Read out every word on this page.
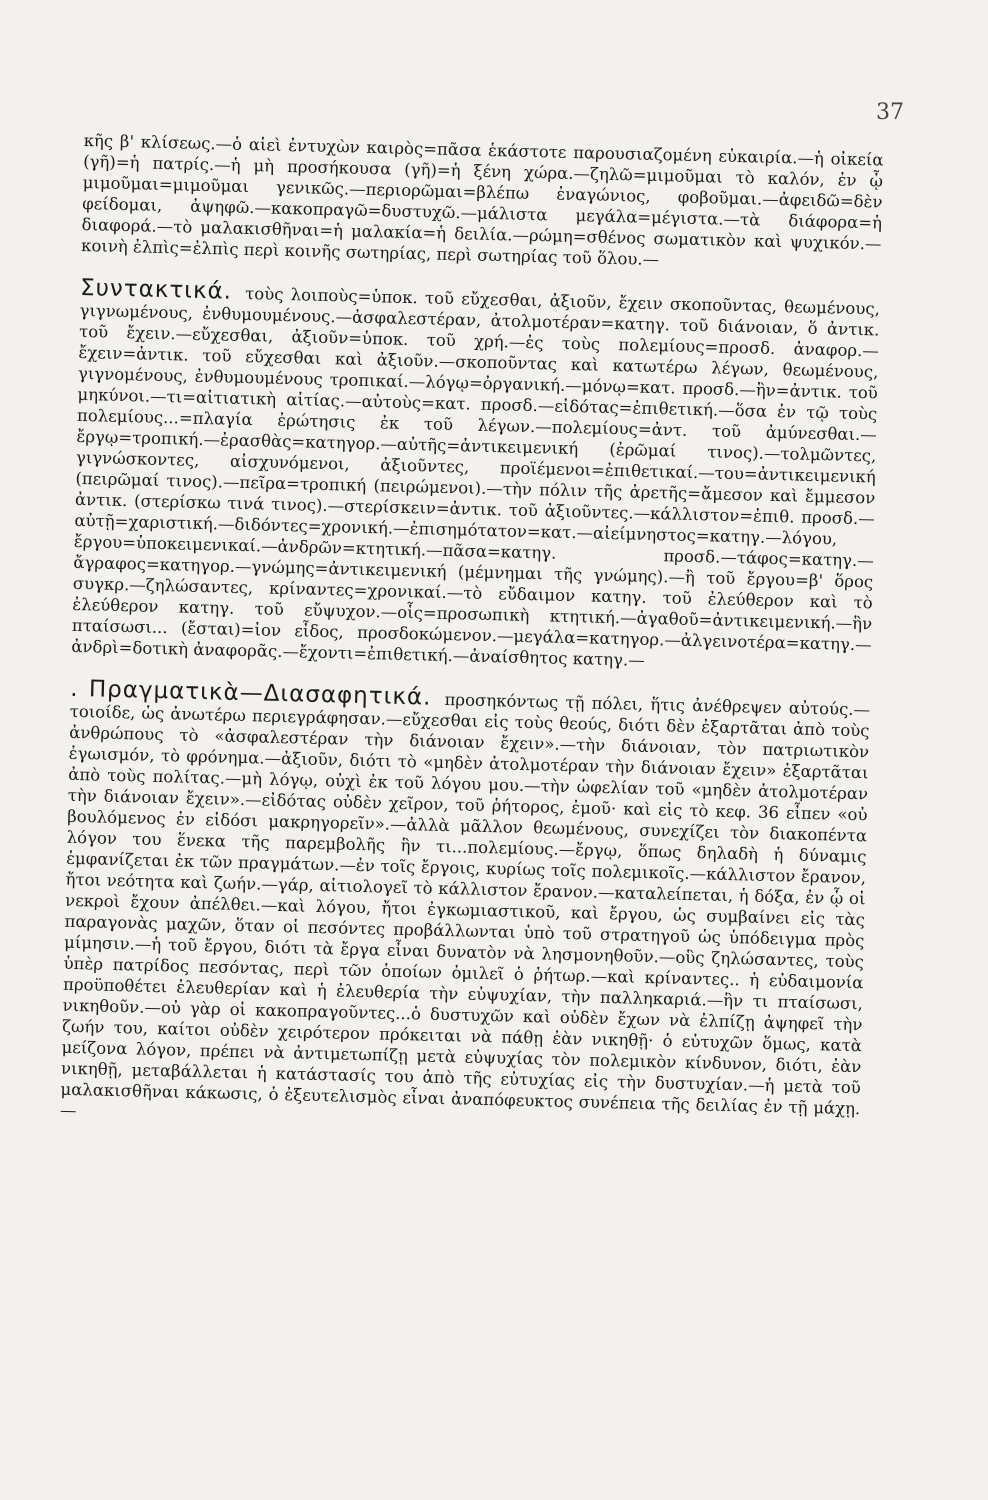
37

κῆς β' κλίσεως.—ὁ αἰεὶ ἐντυχὼν καιρὸς=πᾶσα ἑκάστοτε παρουσιαζομένη εὐκαιρία.—ἡ οἰκεία (γῆ)=ἡ πατρίς.—ἡ μὴ προσήκουσα (γῆ)=ἡ ξένη χώρα.—ζηλῶ=μιμοῦμαι τὸ καλόν, ἐν ᾧ μιμοῦμαι=μιμοῦμαι γενικῶς.—περιορῶμαι=βλέπω ἐναγώνιος, φοβοῦμαι.—ἀφειδῶ=δὲν φείδομαι, ἀψηφῶ.—κακοπραγῶ=δυστυχῶ.—μάλιστα μεγάλα=μέγιστα.—τὰ διάφορα=ἡ διαφορά.—τὸ μαλακισθῆναι=ἡ μαλακία=ἡ δειλία.—ρώμη=σθένος σωματικὸν καὶ ψυχικόν.—κοινὴ ἐλπὶς=ἐλπὶς περὶ κοινῆς σωτηρίας, περὶ σωτηρίας τοῦ ὅλου.—

Συντακτικά. τοὺς λοιποὺς=ὑποκ. τοῦ εὔχεσθαι, ἀξιοῦν, ἔχειν σκοποῦντας, θεωμένους, γιγνωμένους, ἐνθυμουμένους.—ἀσφαλεστέραν, ἀτολμοτέραν=κατηγ. τοῦ διάνοιαν, ὅ ἀντικ. τοῦ ἔχειν.—εὔχεσθαι, ἀξιοῦν=ὑποκ. τοῦ χρή.—ἐς τοὺς πολεμίους=προσδ. ἀναφορ.—ἔχειν=ἀντικ. τοῦ εὔχεσθαι καὶ ἀξιοῦν.—σκοποῦντας καὶ κατωτέρω λέγων, θεωμένους, γιγνομένους, ἐνθυμουμένους τροπικαί.—λόγῳ=ὀργανική.—μόνῳ=κατ. προσδ.—ἣν=ἀντικ. τοῦ μηκύνοι.—τι=αἰτιατικὴ αἰτίας.—αὐτοὺς=κατ. προσδ.—εἰδότας=ἐπιθετική.—ὅσα ἐν τῷ τοὺς πολεμίους...=πλαγία ἐρώτησις ἐκ τοῦ λέγων.—πολεμίους=ἀντ. τοῦ ἀμύνεσθαι.—ἔργῳ=τροπική.—ἐρασθὰς=κατηγορ.—αὐτῆς=ἀντικειμενική (ἐρῶμαί τινος).—τολμῶντες, γιγνώσκοντες, αἰσχυνόμενοι, ἀξιοῦντες, προϊέμενοι=ἐπιθετικαί.—του=ἀντικειμενική (πειρῶμαί τινος).—πεῖρα=τροπική (πειρώμενοι).—τὴν πόλιν τῆς ἀρετῆς=ἄμεσον καὶ ἔμμεσον ἀντικ. (στερίσκω τινά τινος).—στερίσκειν=ἀντικ. τοῦ ἀξιοῦντες.—κάλλιστον=ἐπιθ. προσδ.—αὐτῇ=χαριστική.—διδόντες=χρονική.—ἐπισημότατον=κατ.—αἰείμνηστος=κατηγ.—λόγου, ἔργου=ὑποκειμενικαί.—ἀνδρῶν=κτητική.—πᾶσα=κατηγ. προσδ.—τάφος=κατηγ.—ἄγραφος=κατηγορ.—γνώμης=ἀντικειμενική (μέμνημαι τῆς γνώμης).—ἢ τοῦ ἔργου=β' ὅρος συγκρ.—ζηλώσαντες, κρίναντες=χρονικαί.—τὸ εὔδαιμον κατηγ. τοῦ ἐλεύθερον καὶ τὸ ἐλεύθερον κατηγ. τοῦ εὔψυχον.—οἷς=προσωπικὴ κτητική.—ἀγαθοῦ=ἀντικειμενική.—ἣν πταίσωσι... (ἔσται)=ἰον εἶδος, προσδοκώμενον.—μεγάλα=κατηγορ.—ἀλγεινοτέρα=κατηγ.—ἀνδρὶ=δοτικὴ ἀναφορᾶς.—ἔχοντι=ἐπιθετική.—ἀναίσθητος κατηγ.—

. Πραγματικὰ—Διασαφητικά. προσηκόντως τῇ πόλει, ἥτις ἀνέθρεψεν αὐτούς.—τοιοίδε, ὡς ἀνωτέρω περιεγράφησαν.—εὔχεσθαι εἰς τοὺς θεούς, διότι δὲν ἐξαρτᾶται ἀπὸ τοὺς ἀνθρώπους τὸ «ἀσφαλεστέραν τὴν διάνοιαν ἔχειν».—τὴν διάνοιαν, τὸν πατριωτικὸν ἐγωισμόν, τὸ φρόνημα.—ἀξιοῦν, διότι τὸ «μηδὲν ἀτολμοτέραν τὴν διάνοιαν ἔχειν» ἐξαρτᾶται ἀπὸ τοὺς πολίτας.—μὴ λόγῳ, οὐχὶ ἐκ τοῦ λόγου μου.—τὴν ὠφελίαν τοῦ «μηδὲν ἀτολμοτέραν τὴν διάνοιαν ἔχειν».—εἰδότας οὐδὲν χεῖρον, τοῦ ῥήτορος, ἐμοῦ· καὶ εἰς τὸ κεφ. 36 εἶπεν «οὐ βουλόμενος ἐν εἰδόσι μακρηγορεῖν».—ἀλλὰ μᾶλλον θεωμένους, συνεχίζει τὸν διακοπέντα λόγον του ἕνεκα τῆς παρεμβολῆς ἣν τι...πολεμίους.—ἔργῳ, ὅπως δηλαδὴ ἡ δύναμις ἐμφανίζεται ἐκ τῶν πραγμάτων.—ἐν τοῖς ἔργοις, κυρίως τοῖς πολεμικοῖς.—κάλλιστον ἔρανον, ἤτοι νεότητα καὶ ζωήν.—γάρ, αἰτιολογεῖ τὸ κάλλιστον ἔρανον.—καταλείπεται, ἡ δόξα, ἐν ᾧ οἱ νεκροὶ ἔχουν ἀπέλθει.—καὶ λόγου, ἤτοι ἐγκωμιαστικοῦ, καὶ ἔργου, ὡς συμβαίνει εἰς τὰς παραγονὰς μαχῶν, ὅταν οἱ πεσόντες προβάλλωνται ὑπὸ τοῦ στρατηγοῦ ὡς ὑπόδειγμα πρὸς μίμησιν.—ἡ τοῦ ἔργου, διότι τὰ ἔργα εἶναι δυνατὸν νὰ λησμονηθοῦν.—οὓς ζηλώσαντες, τοὺς ὑπὲρ πατρίδος πεσόντας, περὶ τῶν ὁποίων ὁμιλεῖ ὁ ῥήτωρ.—καὶ κρίναντες.. ἡ εὐδαιμονία προϋποθέτει ἐλευθερίαν καὶ ἡ ἐλευθερία τὴν εὐψυχίαν, τὴν παλληκαριά.—ἣν τι πταίσωσι, νικηθοῦν.—οὐ γὰρ οἱ κακοπραγοῦντες...ὁ δυστυχῶν καὶ οὐδὲν ἔχων νὰ ἐλπίζῃ ἀψηφεῖ τὴν ζωήν του, καίτοι οὐδὲν χειρότερον πρόκειται νὰ πάθῃ ἐὰν νικηθῇ· ὁ εὐτυχῶν ὅμως, κατὰ μείζονα λόγον, πρέπει νὰ ἀντιμετωπίζῃ μετὰ εὐψυχίας τὸν πολεμικὸν κίνδυνον, διότι, ἐὰν νικηθῇ, μεταβάλλεται ἡ κατάστασίς του ἀπὸ τῆς εὐτυχίας εἰς τὴν δυστυχίαν.—ἡ μετὰ τοῦ μαλακισθῆναι κάκωσις, ὁ ἐξευτελισμὸς εἶναι ἀναπόφευκτος συνέπεια τῆς δειλίας ἐν τῇ μάχῃ.—
